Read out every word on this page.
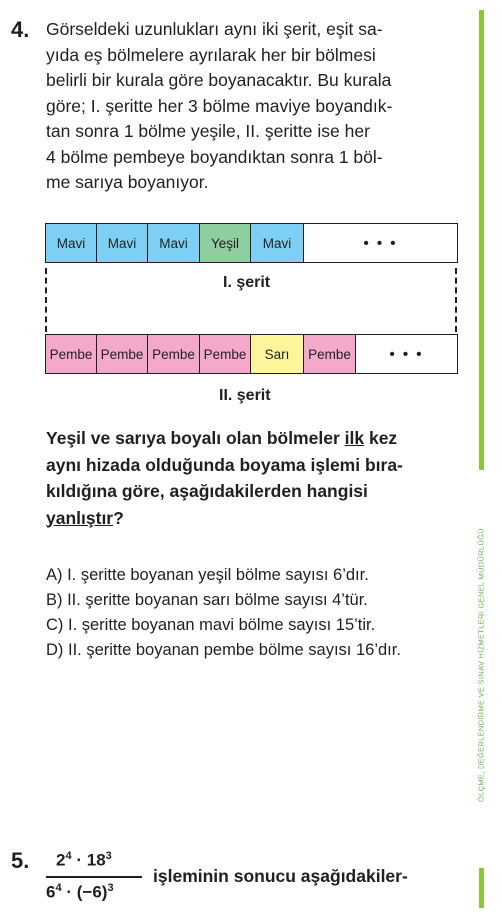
4. Görseldeki uzunlukları aynı iki şerit, eşit sa-
yıda eş bölmelere ayrılarak her bir bölmesi
belirli bir kurala göre boyanacaktır. Bu kurala
göre; I. şeritte her 3 bölme maviye boyandık-
tan sonra 1 bölme yeşile, II. şeritte ise her
4 bölme pembeye boyandıktan sonra 1 böl-
me sarıya boyanıyor.
Mavi	Mavi	Mavi	Yeşil	Mavi	• • •
I. şerit
Pembe Pembe Pembe Pembe	Sarı	Pembe	• • •
II. şerit
Yeşil ve sarıya boyalı olan bölmeler ilk kez
aynı hizada olduğunda boyama işlemi bıra-
kıldığına göre, aşağıdakilerden hangisi
yanlıştır?
A) I. şeritte boyanan yeşil bölme sayısı 6’dır.
B) II. şeritte boyanan sarı bölme sayısı 4’tür.
C) I. şeritte boyanan mavi bölme sayısı 15’tir.
D) II. şeritte boyanan pembe bölme sayısı 16’dır.	ÖLÇME, DEĞERLENDİRME VE SINAV HİZMETLERİ GENEL MÜDÜRLÜĞÜ
5. $2^4 \cdot 18^3$
$6^4 \cdot (-6)^3$
işleminin sonucu aşağıdakiler-
